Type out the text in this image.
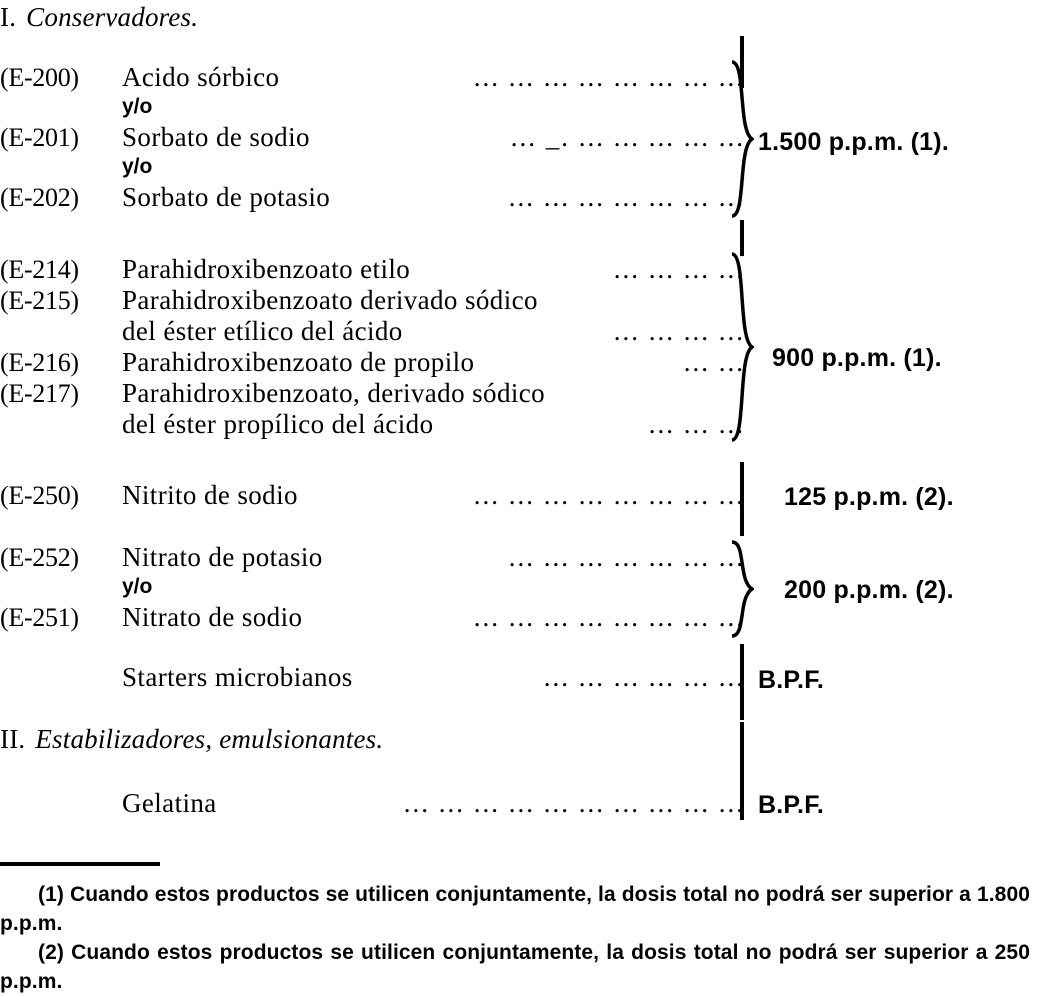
I. Conservadores.
(E-200)	Acido sórbico	... ... ... ... ... ... ... ...
y/o
(E-201)	Sorbato de sodio	... _. ... ... ... ... ...
y/o
(E-202)	Sorbato de potasio	... ... ... ... ... ... ...
1.500 p.p.m. (1).
(E-214)	Parahidroxibenzoato etilo	... ... ... ...
(E-215)	Parahidroxibenzoato derivado sódico
del éster etílico del ácido	... ... ... ...
(E-216)	Parahidroxibenzoato de propilo	... ...
(E-217)	Parahidroxibenzoato, derivado sódico
del éster propílico del ácido	... ... ...
900 p.p.m. (1).
(E-250)	Nitrito de sodio	... ... ... ... ... ... ... ... 125 p.p.m. (2).
(E-252)	Nitrato de potasio	... ... ... ... ... ... ...
y/o
(E-251)	Nitrato de sodio	... ... ... ... ... ... ... ...
200 p.p.m. (2).
Starters microbianos	... ... ... ... ... ... B.P.F.
II. Estabilizadores, emulsionantes.
Gelatina	... ... ... ... ... ... ... ... ... ... B.P.F.
(1) Cuando estos productos se utilicen conjuntamente, la dosis total no podrá ser superior a 1.800 p.p.m.
(2) Cuando estos productos se utilicen conjuntamente, la dosis total no podrá ser superior a 250 p.p.m.
